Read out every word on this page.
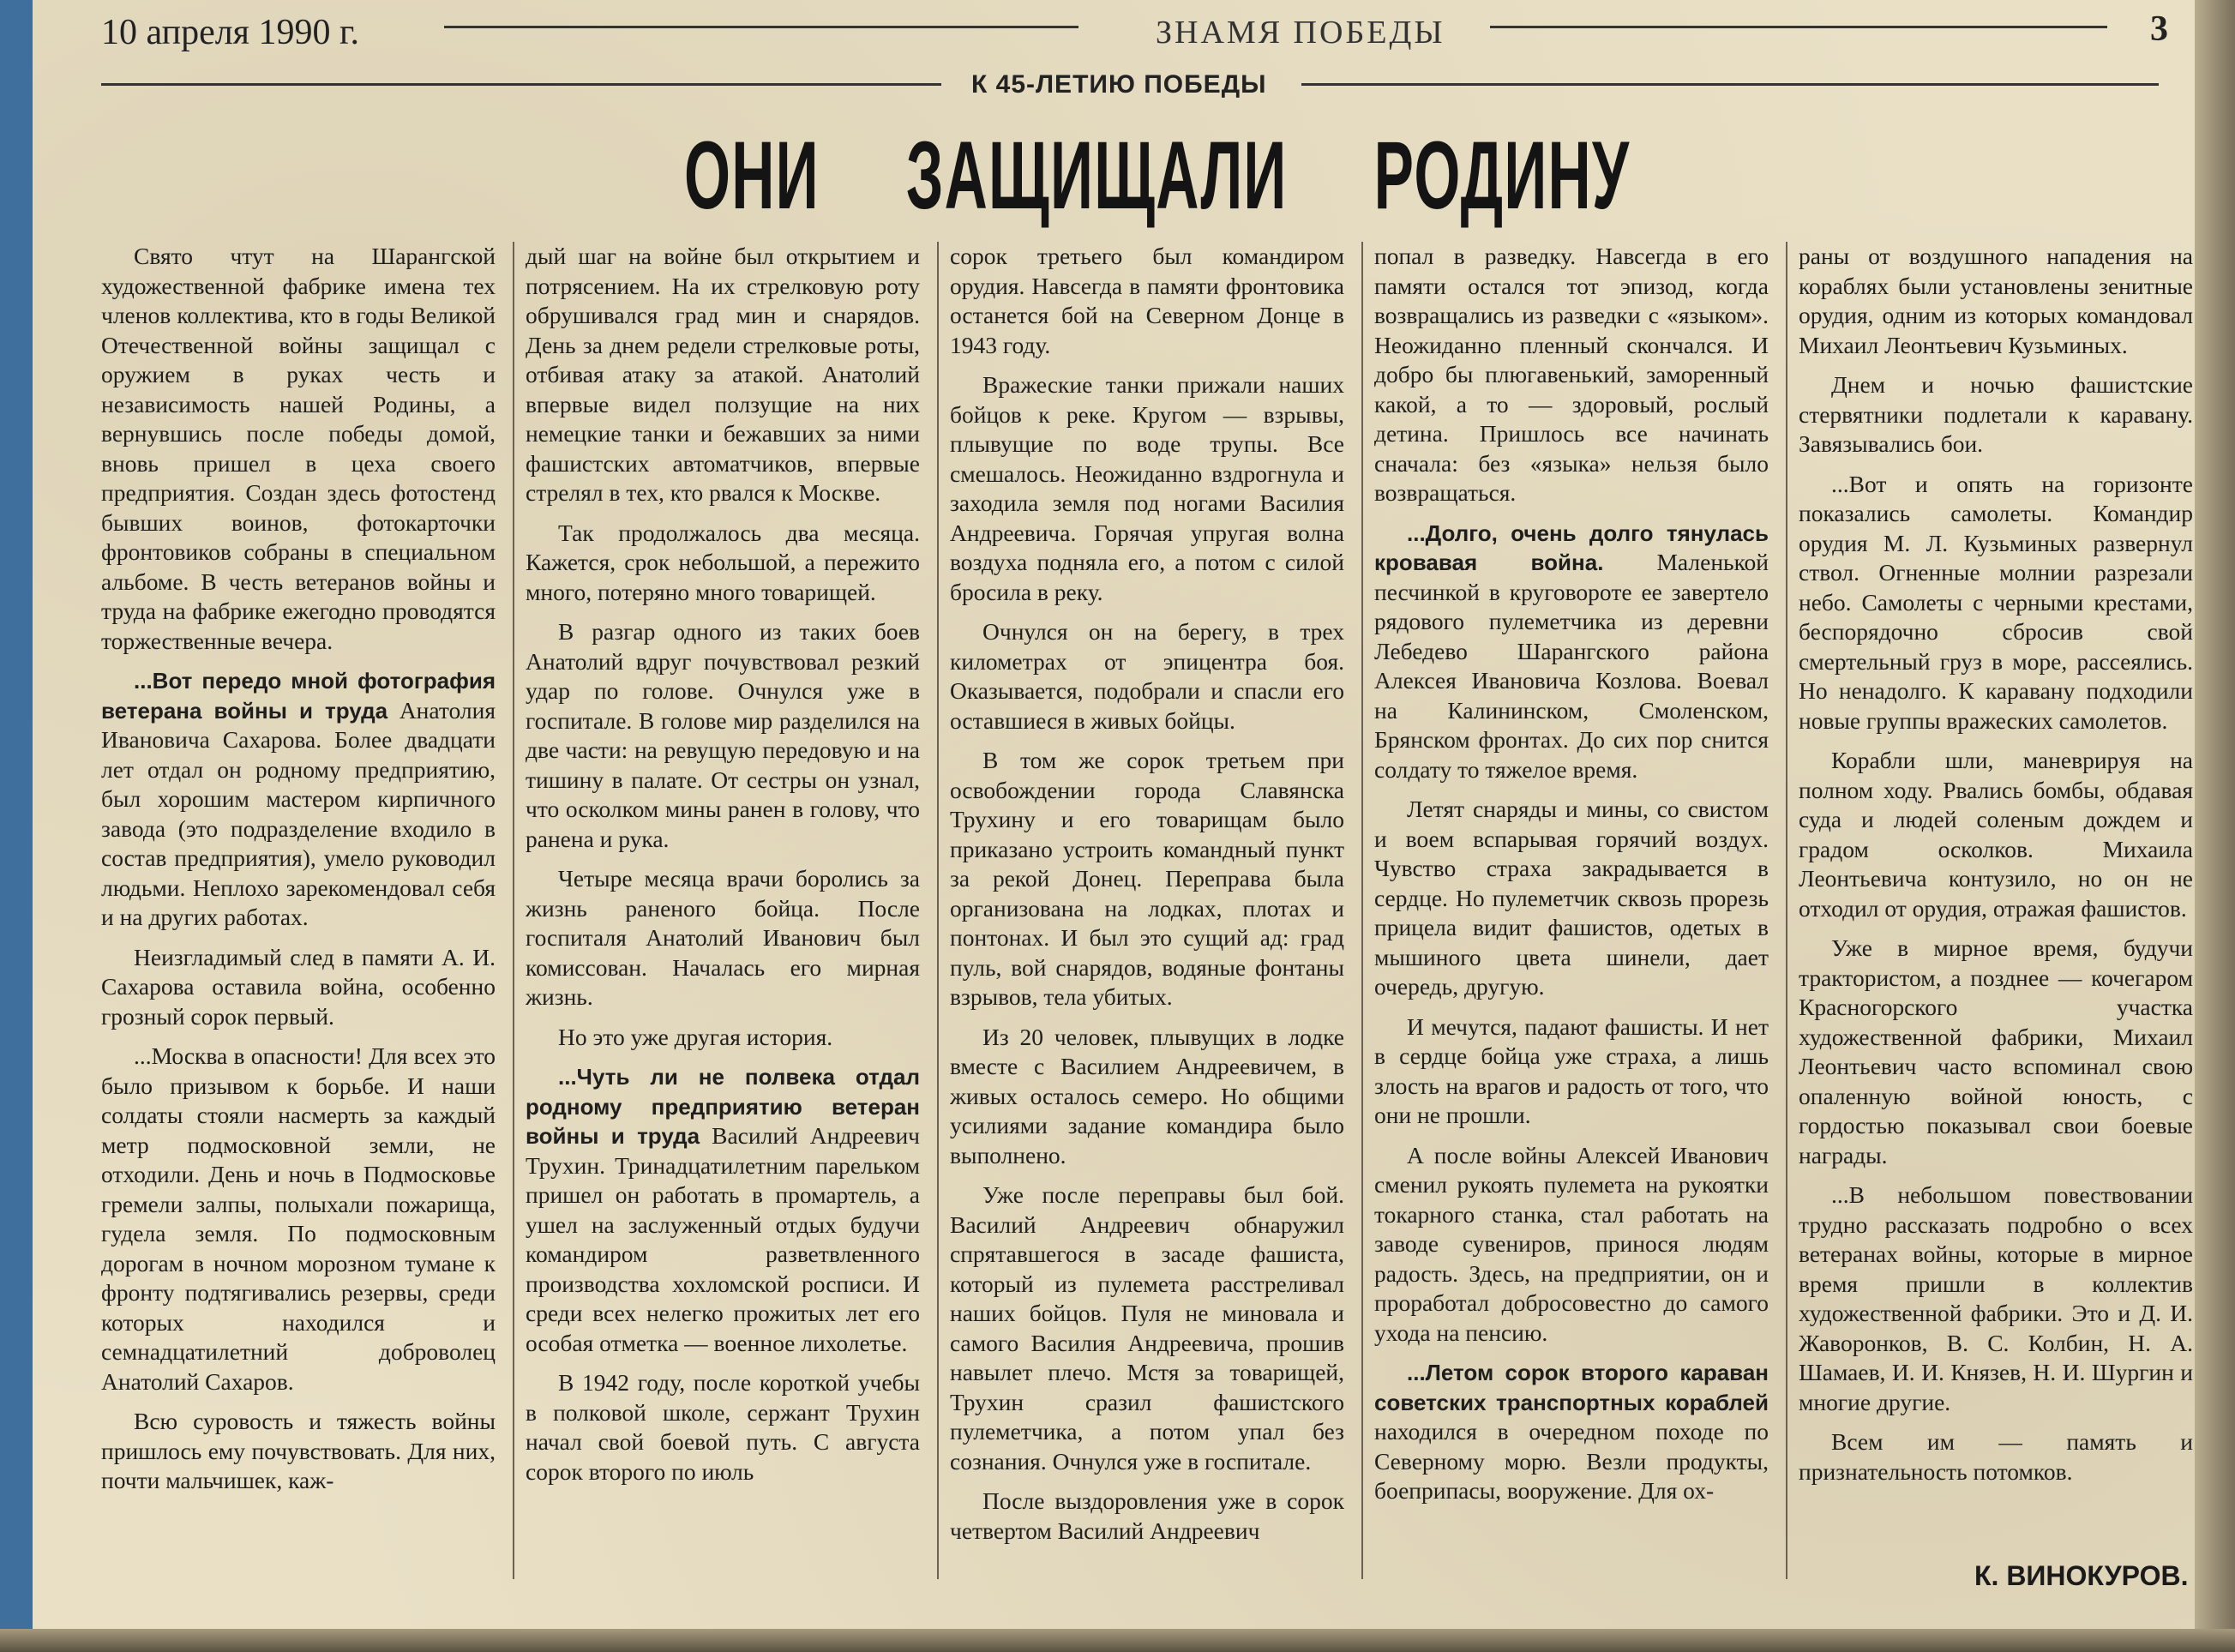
10 апреля 1990 г.	ЗНАМЯ ПОБЕДЫ	3
К 45-ЛЕТИЮ ПОБЕДЫ
ОНИ ЗАЩИЩАЛИ РОДИНУ

Свято чтут на Шарангской художественной фабрике имена тех членов коллектива, кто в годы Великой Отечественной войны защищал с оружием в руках честь и независимость нашей Родины, а вернувшись после победы домой, вновь пришел в цеха своего предприятия. Создан здесь фотостенд бывших воинов, фотокарточки фронтовиков собраны в специальном альбоме. В честь ветеранов войны и труда на фабрике ежегодно проводятся торжественные вечера.

...Вот передо мной фотография ветерана войны и труда Анатолия Ивановича Сахарова. Более двадцати лет отдал он родному предприятию, был хорошим мастером кирпичного завода (это подразделение входило в состав предприятия), умело руководил людьми. Неплохо зарекомендовал себя и на других работах.

Неизгладимый след в памяти А. И. Сахарова оставила война, особенно грозный сорок первый.

...Москва в опасности! Для всех это было призывом к борьбе. И наши солдаты стояли насмерть за каждый метр подмосковной земли, не отходили. День и ночь в Подмосковье гремели залпы, полыхали пожарища, гудела земля. По подмосковным дорогам в ночном морозном тумане к фронту подтягивались резервы, среди которых находился и семнадцатилетний доброволец Анатолий Сахаров.

Всю суровость и тяжесть войны пришлось ему почувствовать. Для них, почти мальчишек, каж-

дый шаг на войне был открытием и потрясением. На их стрелковую роту обрушивался град мин и снарядов. День за днем редели стрелковые роты, отбивая атаку за атакой. Анатолий впервые видел ползущие на них немецкие танки и бежавших за ними фашистских автоматчиков, впервые стрелял в тех, кто рвался к Москве.

Так продолжалось два месяца. Кажется, срок небольшой, а пережито много, потеряно много товарищей.

В разгар одного из таких боев Анатолий вдруг почувствовал резкий удар по голове. Очнулся уже в госпитале. В голове мир разделился на две части: на ревущую передовую и на тишину в палате. От сестры он узнал, что осколком мины ранен в голову, что ранена и рука.

Четыре месяца врачи боролись за жизнь раненого бойца. После госпиталя Анатолий Иванович был комиссован. Началась его мирная жизнь.

Но это уже другая история.

...Чуть ли не полвека отдал родному предприятию ветеран войны и труда Василий Андреевич Трухин. Тринадцатилетним парельком пришел он работать в промартель, а ушел на заслуженный отдых будучи командиром разветвленного производства хохломской росписи. И среди всех нелегко прожитых лет его особая отметка — военное лихолетье.

В 1942 году, после короткой учебы в полковой школе, сержант Трухин начал свой боевой путь. С августа сорок второго по июль

сорок третьего был командиром орудия. Навсегда в памяти фронтовика останется бой на Северном Донце в 1943 году.

Вражеские танки прижали наших бойцов к реке. Кругом — взрывы, плывущие по воде трупы. Все смешалось. Неожиданно вздрогнула и заходила земля под ногами Василия Андреевича. Горячая упругая волна воздуха подняла его, а потом с силой бросила в реку.

Очнулся он на берегу, в трех километрах от эпицентра боя. Оказывается, подобрали и спасли его оставшиеся в живых бойцы.

В том же сорок третьем при освобождении города Славянска Трухину и его товарищам было приказано устроить командный пункт за рекой Донец. Переправа была организована на лодках, плотах и понтонах. И был это сущий ад: град пуль, вой снарядов, водяные фонтаны взрывов, тела убитых.

Из 20 человек, плывущих в лодке вместе с Василием Андреевичем, в живых осталось семеро. Но общими усилиями задание командира было выполнено.

Уже после переправы был бой. Василий Андреевич обнаружил спрятавшегося в засаде фашиста, который из пулемета расстреливал наших бойцов. Пуля не миновала и самого Василия Андреевича, прошив навылет плечо. Мстя за товарищей, Трухин сразил фашистского пулеметчика, а потом упал без сознания. Очнулся уже в госпитале.

После выздоровления уже в сорок четвертом Василий Андреевич

попал в разведку. Навсегда в его памяти остался тот эпизод, когда возвращались из разведки с «языком». Неожиданно пленный скончался. И добро бы плюгавенький, заморенный какой, а то — здоровый, рослый детина. Пришлось все начинать сначала: без «языка» нельзя было возвращаться.

...Долго, очень долго тянулась кровавая война. Маленькой песчинкой в круговороте ее завертело рядового пулеметчика из деревни Лебедево Шарангского района Алексея Ивановича Козлова. Воевал на Калининском, Смоленском, Брянском фронтах. До сих пор снится солдату то тяжелое время.

Летят снаряды и мины, со свистом и воем вспарывая горячий воздух. Чувство страха закрадывается в сердце. Но пулеметчик сквозь прорезь прицела видит фашистов, одетых в мышиного цвета шинели, дает очередь, другую.

И мечутся, падают фашисты. И нет в сердце бойца уже страха, а лишь злость на врагов и радость от того, что они не прошли.

А после войны Алексей Иванович сменил рукоять пулемета на рукоятки токарного станка, стал работать на заводе сувениров, принося людям радость. Здесь, на предприятии, он и проработал добросовестно до самого ухода на пенсию.

...Летом сорок второго караван советских транспортных кораблей находился в очередном походе по Северному морю. Везли продукты, боеприпасы, вооружение. Для ох-

раны от воздушного нападения на кораблях были установлены зенитные орудия, одним из которых командовал Михаил Леонтьевич Кузьминых.

Днем и ночью фашистские стервятники подлетали к каравану. Завязывались бои.

...Вот и опять на горизонте показались самолеты. Командир орудия М. Л. Кузьминых развернул ствол. Огненные молнии разрезали небо. Самолеты с черными крестами, беспорядочно сбросив свой смертельный груз в море, рассеялись. Но ненадолго. К каравану подходили новые группы вражеских самолетов.

Корабли шли, маневрируя на полном ходу. Рвались бомбы, обдавая суда и людей соленым дождем и градом осколков. Михаила Леонтьевича контузило, но он не отходил от орудия, отражая фашистов.

Уже в мирное время, будучи трактористом, а позднее — кочегаром Красногорского участка художественной фабрики, Михаил Леонтьевич часто вспоминал свою опаленную войной юность, с гордостью показывал свои боевые награды.

...В небольшом повествовании трудно рассказать подробно о всех ветеранах войны, которые в мирное время пришли в коллектив художественной фабрики. Это и Д. И. Жаворонков, В. С. Колбин, Н. А. Шамаев, И. И. Князев, Н. И. Шургин и многие другие.

Всем им — память и признательность потомков.

К. ВИНОКУРОВ.
